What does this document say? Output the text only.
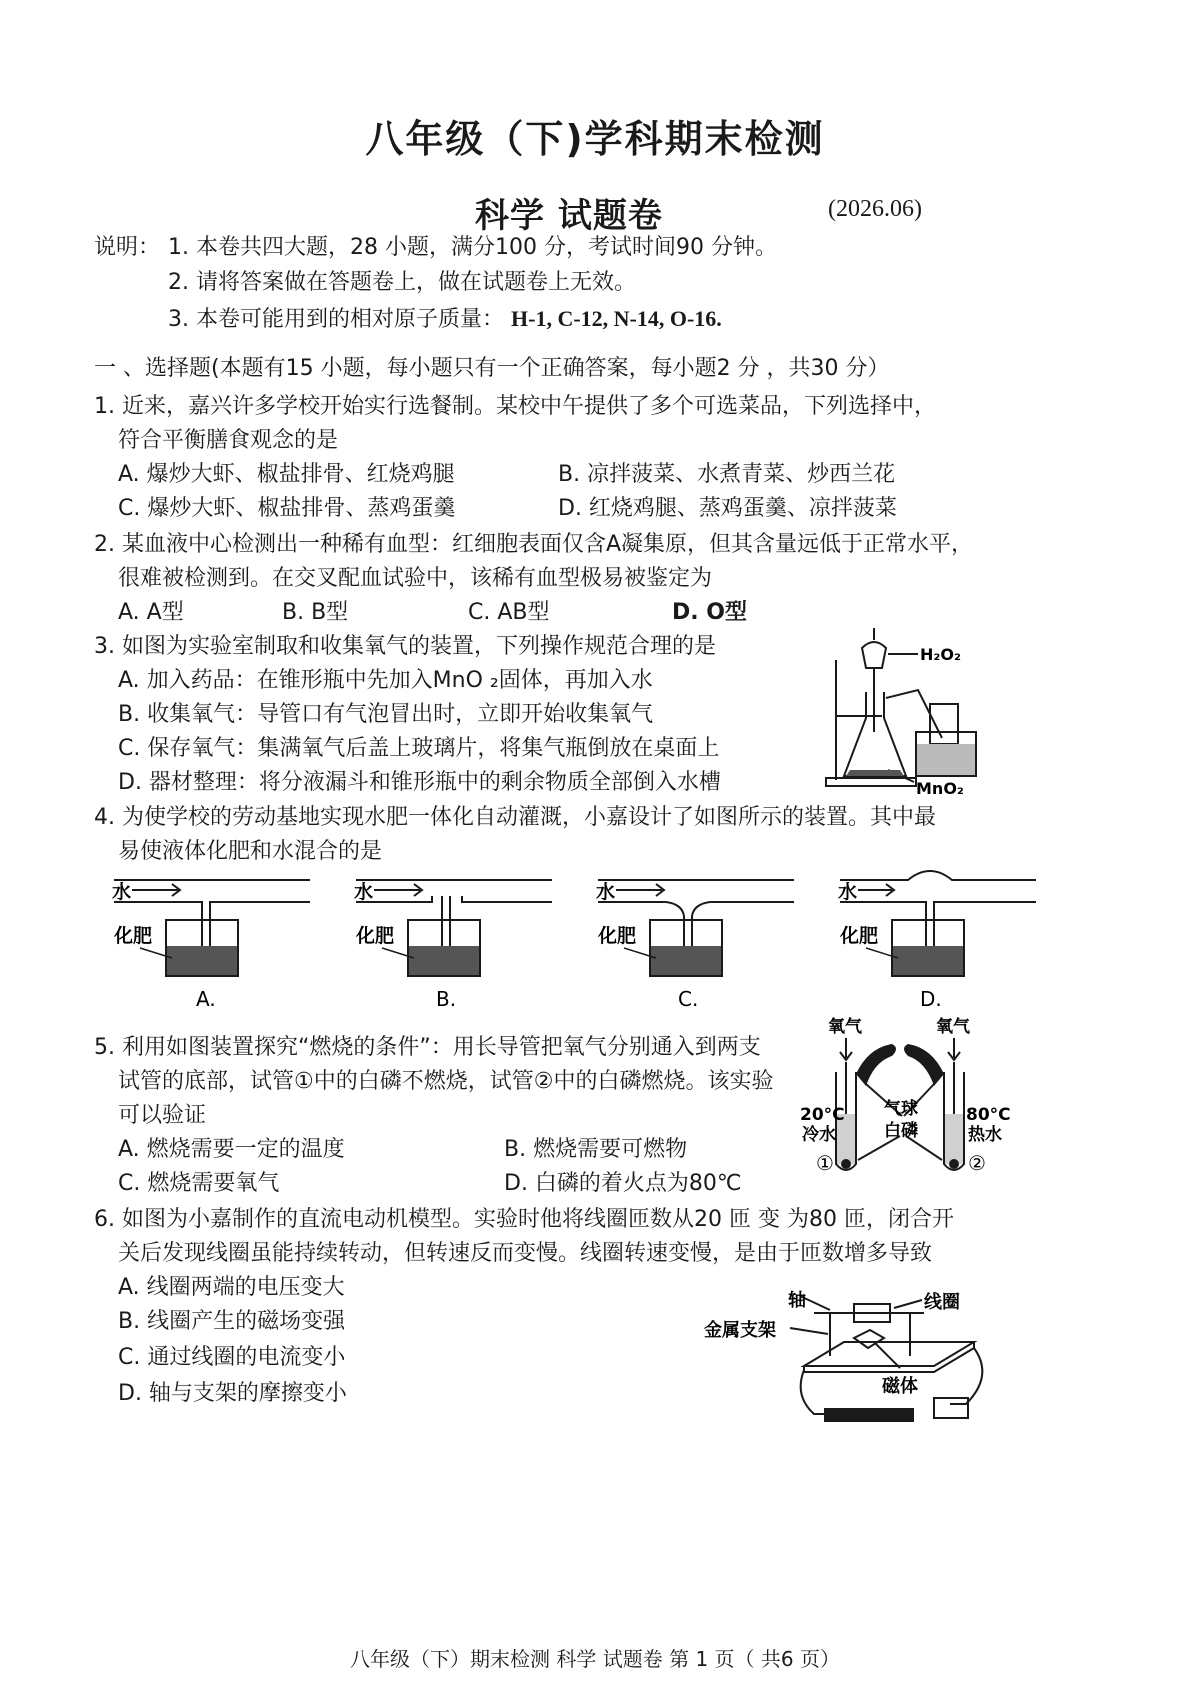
八年级（下)学科期末检测
科学 试题卷	(2026.06)
说明： 1. 本卷共四大题，28 小题，满分100 分，考试时间90 分钟。
2. 请将答案做在答题卷上，做在试题卷上无效。
3. 本卷可能用到的相对原子质量： H-1, C-12, N-14, O-16.
一 、选择题(本题有15 小题，每小题只有一个正确答案，每小题2 分 ，共30 分）
1. 近来，嘉兴许多学校开始实行选餐制。某校中午提供了多个可选菜品，下列选择中，
符合平衡膳食观念的是
A. 爆炒大虾、椒盐排骨、红烧鸡腿	B. 凉拌菠菜、水煮青菜、炒西兰花
C. 爆炒大虾、椒盐排骨、蒸鸡蛋羹	D. 红烧鸡腿、蒸鸡蛋羹、凉拌菠菜
2. 某血液中心检测出一种稀有血型：红细胞表面仅含A凝集原，但其含量远低于正常水平，
很难被检测到。在交叉配血试验中，该稀有血型极易被鉴定为
A. A型	B. B型	C. AB型	D. O型
3. 如图为实验室制取和收集氧气的装置，下列操作规范合理的是
A. 加入药品：在锥形瓶中先加入MnO ₂固体，再加入水
B. 收集氧气：导管口有气泡冒出时，立即开始收集氧气
C. 保存氧气：集满氧气后盖上玻璃片，将集气瓶倒放在桌面上
D. 器材整理：将分液漏斗和锥形瓶中的剩余物质全部倒入水槽
H₂O₂
MnO₂
4. 为使学校的劳动基地实现水肥一体化自动灌溉，小嘉设计了如图所示的装置。其中最
易使液体化肥和水混合的是
水
化肥
A.
水
化肥
B.
水
化肥
C.
水
化肥
D.
5. 利用如图装置探究“燃烧的条件”：用长导管把氧气分别通入到两支
试管的底部，试管①中的白磷不燃烧，试管②中的白磷燃烧。该实验
可以验证
A. 燃烧需要一定的温度	B. 燃烧需要可燃物
C. 燃烧需要氧气	D. 白磷的着火点为80℃
氧气	氧气
20°C
冷水
80°C
热水
气球
白磷
①	②
6. 如图为小嘉制作的直流电动机模型。实验时他将线圈匝数从20 匝 变 为80 匝，闭合开
关后发现线圈虽能持续转动，但转速反而变慢。线圈转速变慢，是由于匝数增多导致
A. 线圈两端的电压变大
B. 线圈产生的磁场变强
C. 通过线圈的电流变小
D. 轴与支架的摩擦变小
轴	线圈
金属支架
磁体
八年级（下）期末检测 科学 试题卷 第 1 页（ 共6 页）
